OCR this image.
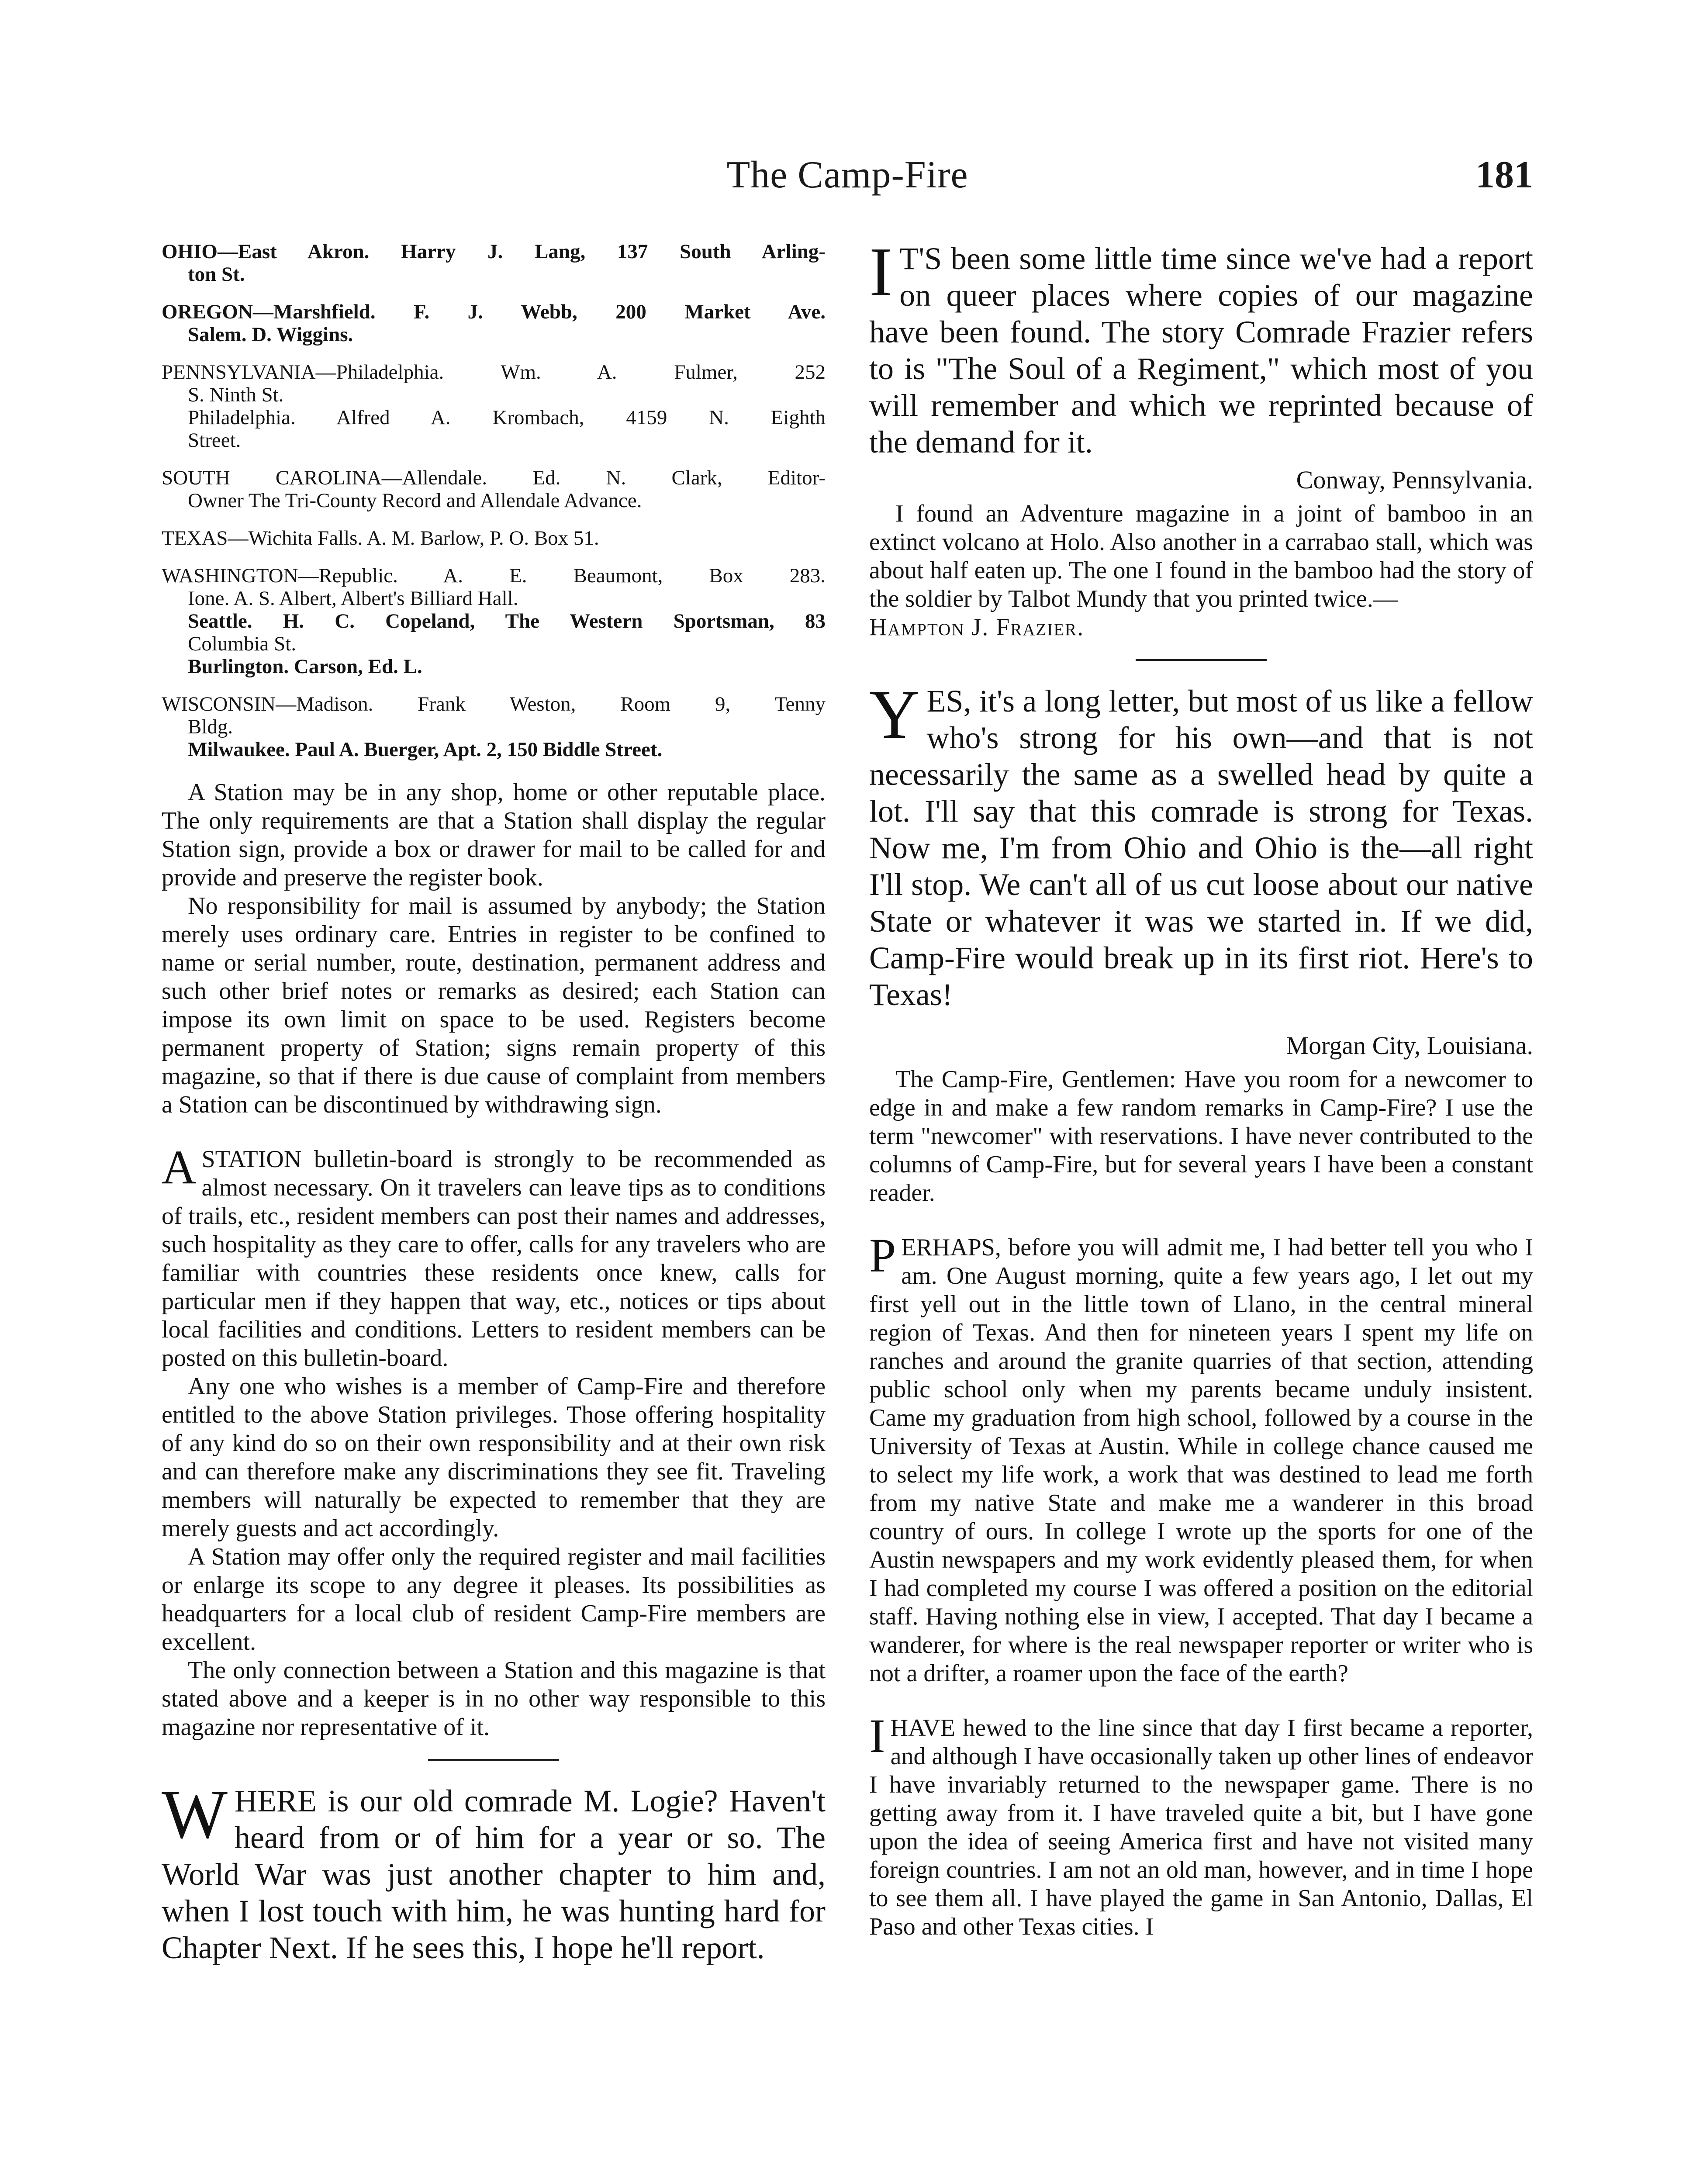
The Camp-Fire	181
OHIO—East Akron. Harry J. Lang, 137 South Arling-
ton St.
OREGON—Marshfield. F. J. Webb, 200 Market Ave.
Salem. D. Wiggins.
PENNSYLVANIA—Philadelphia.	Wm. A. Fulmer, 252
S. Ninth St.
Philadelphia. Alfred A. Krombach, 4159 N. Eighth
Street.
SOUTH CAROLINA—Allendale. Ed. N. Clark, Editor-
Owner The Tri-County Record and Allendale Advance.
TEXAS—Wichita Falls. A. M. Barlow, P. O. Box 51.
WASHINGTON—Republic. A. E. Beaumont, Box 283.
Ione. A. S. Albert, Albert's Billiard Hall.
Seattle. H. C. Copeland, The Western Sportsman, 83
Columbia St.
Burlington. Carson, Ed. L.
WISCONSIN—Madison. Frank Weston, Room 9, Tenny
Bldg.
Milwaukee. Paul A. Buerger, Apt. 2, 150 Biddle Street.

A Station may be in any shop, home or other reputable place. The only requirements are that a Station shall display the regular Station sign, provide a box or drawer for mail to be called for and provide and preserve the register book.

No responsibility for mail is assumed by anybody; the Station merely uses ordinary care. Entries in register to be confined to name or serial number, route, destination, permanent address and such other brief notes or remarks as desired; each Station can impose its own limit on space to be used. Registers become permanent property of Station; signs remain property of this magazine, so that if there is due cause of complaint from members a Station can be discontinued by withdrawing sign.

ASTATION bulletin-board is strongly to be recommended as almost necessary. On it travelers can leave tips as to conditions of trails, etc., resident members can post their names and addresses, such hospitality as they care to offer, calls for any travelers who are familiar with countries these residents once knew, calls for particular men if they happen that way, etc., notices or tips about local facilities and conditions. Letters to resident members can be posted on this bulletin-board.

Any one who wishes is a member of Camp-Fire and therefore entitled to the above Station privileges. Those offering hospitality of any kind do so on their own responsibility and at their own risk and can therefore make any discriminations they see fit. Traveling members will naturally be expected to remember that they are merely guests and act accordingly.

A Station may offer only the required register and mail facilities or enlarge its scope to any degree it pleases. Its possibilities as headquarters for a local club of resident Camp-Fire members are excellent.

The only connection between a Station and this magazine is that stated above and a keeper is in no other way responsible to this magazine nor representative of it.

WHERE is our old comrade M. Logie? Haven't heard from or of him for a year or so. The World War was just another chapter to him and, when I lost touch with him, he was hunting hard for Chapter Next. If he sees this, I hope he'll report.

I T'S been some little time since we've had a report on queer places where copies of our magazine have been found. The story Comrade Frazier refers to is "The Soul of a Regiment," which most of you will remember and which we reprinted because of the demand for it.

Conway, Pennsylvania.

I found an Adventure magazine in a joint of bamboo in an extinct volcano at Holo. Also another in a carrabao stall, which was about half eaten up. The one I found in the bamboo had the story of the soldier by Talbot Mundy that you printed twice.—
Hampton J. Frazier.

YES, it's a long letter, but most of us like a fellow who's strong for his own—and that is not necessarily the same as a swelled head by quite a lot. I'll say that this comrade is strong for Texas. Now me, I'm from Ohio and Ohio is the—all right I'll stop. We can't all of us cut loose about our native State or whatever it was we started in. If we did, Camp-Fire would break up in its first riot. Here's to Texas!

Morgan City, Louisiana.

The Camp-Fire, Gentlemen: Have you room for a newcomer to edge in and make a few random remarks in Camp-Fire? I use the term "newcomer" with reservations. I have never contributed to the columns of Camp-Fire, but for several years I have been a constant reader.

PERHAPS, before you will admit me, I had better tell you who I am. One August morning, quite a few years ago, I let out my first yell out in the little town of Llano, in the central mineral region of Texas. And then for nineteen years I spent my life on ranches and around the granite quarries of that section, attending public school only when my parents became unduly insistent. Came my graduation from high school, followed by a course in the University of Texas at Austin. While in college chance caused me to select my life work, a work that was destined to lead me forth from my native State and make me a wanderer in this broad country of ours. In college I wrote up the sports for one of the Austin newspapers and my work evidently pleased them, for when I had completed my course I was offered a position on the editorial staff. Having nothing else in view, I accepted. That day I became a wanderer, for where is the real newspaper reporter or writer who is not a drifter, a roamer upon the face of the earth?

IHAVE hewed to the line since that day I first became a reporter, and although I have occasionally taken up other lines of endeavor I have invariably returned to the newspaper game. There is no getting away from it. I have traveled quite a bit, but I have gone upon the idea of seeing America first and have not visited many foreign countries. I am not an old man, however, and in time I hope to see them all. I have played the game in San Antonio, Dallas, El Paso and other Texas cities. I
